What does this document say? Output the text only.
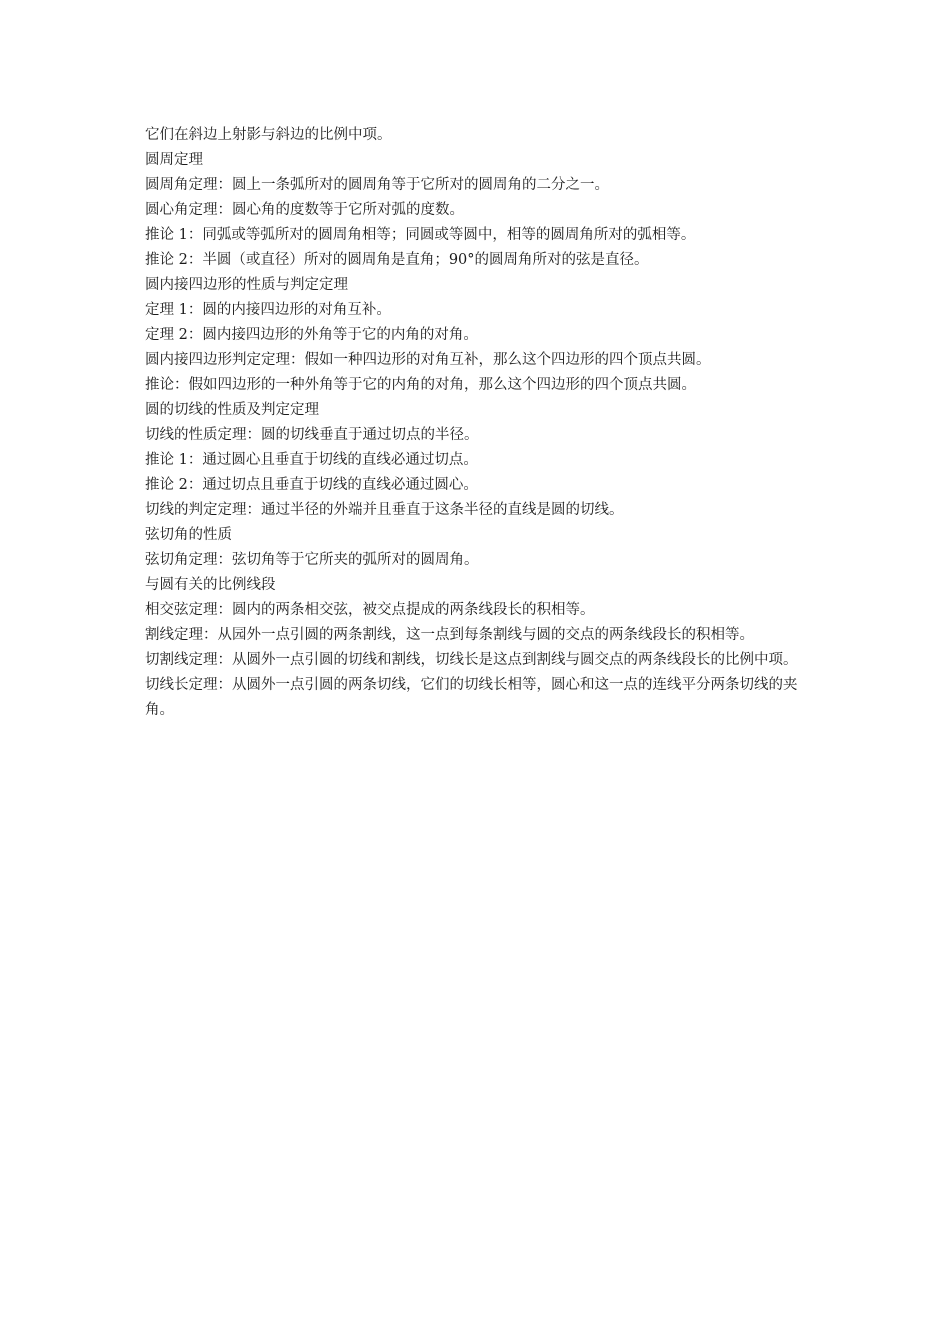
它们在斜边上射影与斜边的比例中项。

圆周定理

圆周角定理：圆上一条弧所对的圆周角等于它所对的圆周角的二分之一。

圆心角定理：圆心角的度数等于它所对弧的度数。

推论 1：同弧或等弧所对的圆周角相等；同圆或等圆中，相等的圆周角所对的弧相等。

推论 2：半圆（或直径）所对的圆周角是直角；90°的圆周角所对的弦是直径。

圆内接四边形的性质与判定定理

定理 1：圆的内接四边形的对角互补。

定理 2：圆内接四边形的外角等于它的内角的对角。

圆内接四边形判定定理：假如一种四边形的对角互补，那么这个四边形的四个顶点共圆。

推论：假如四边形的一种外角等于它的内角的对角，那么这个四边形的四个顶点共圆。

圆的切线的性质及判定定理

切线的性质定理：圆的切线垂直于通过切点的半径。

推论 1：通过圆心且垂直于切线的直线必通过切点。

推论 2：通过切点且垂直于切线的直线必通过圆心。

切线的判定定理：通过半径的外端并且垂直于这条半径的直线是圆的切线。

弦切角的性质

弦切角定理：弦切角等于它所夹的弧所对的圆周角。

与圆有关的比例线段

相交弦定理：圆内的两条相交弦，被交点提成的两条线段长的积相等。

割线定理：从园外一点引圆的两条割线，这一点到每条割线与圆的交点的两条线段长的积相等。

切割线定理：从圆外一点引圆的切线和割线，切线长是这点到割线与圆交点的两条线段长的比例中项。

切线长定理：从圆外一点引圆的两条切线，它们的切线长相等，圆心和这一点的连线平分两条切线的夹角。
